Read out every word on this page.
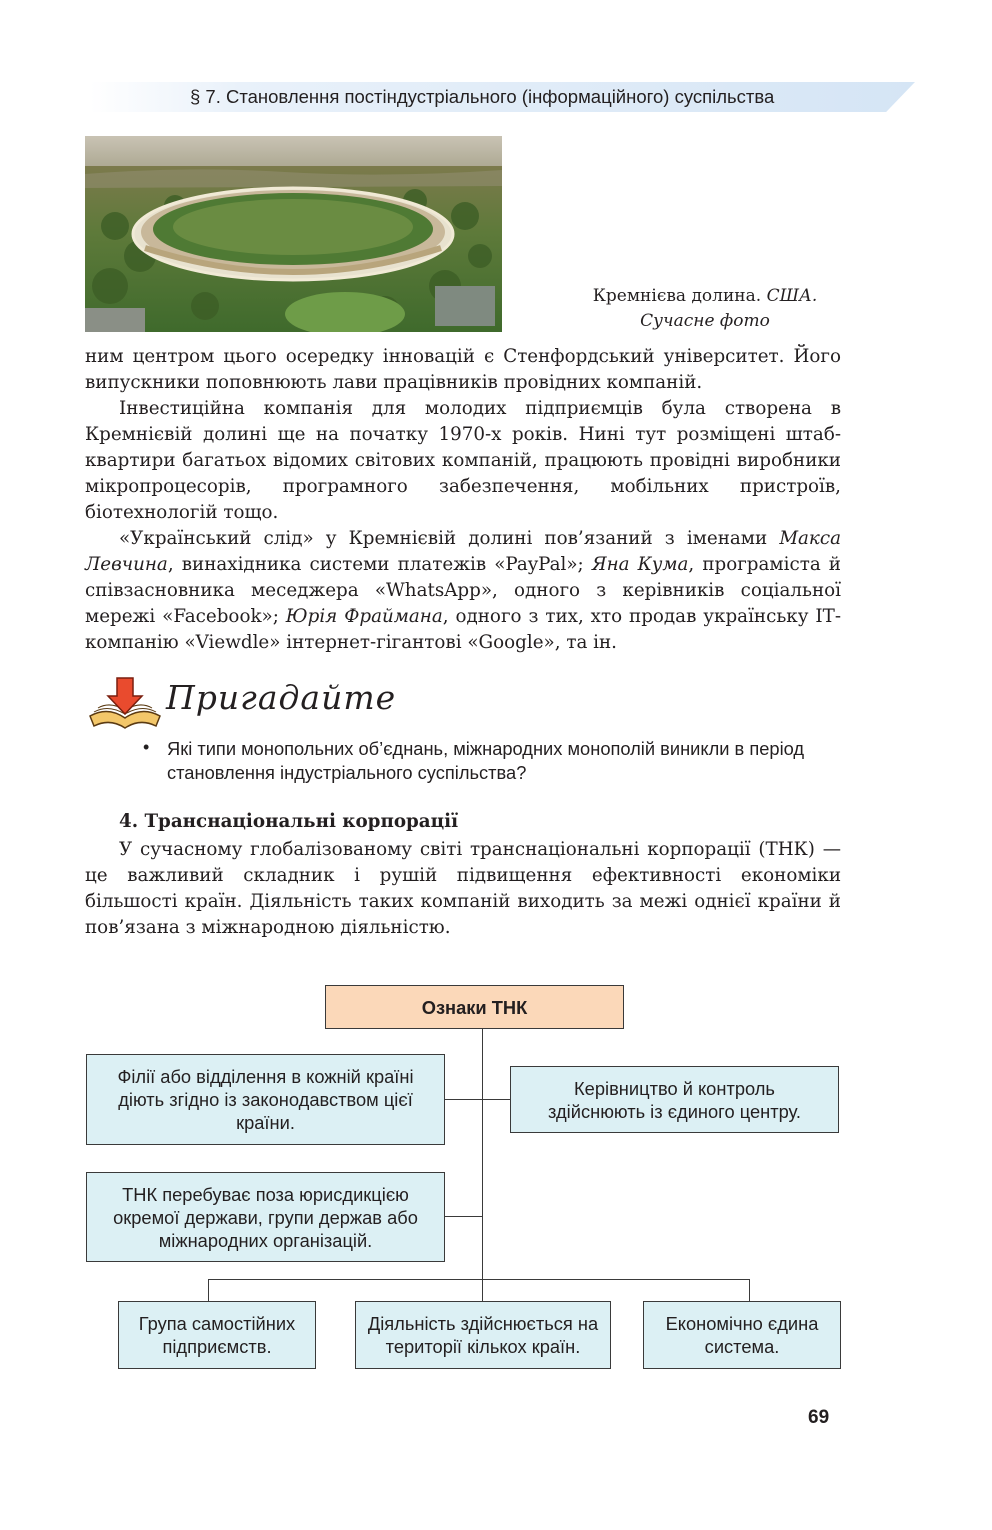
§ 7. Становлення постіндустріального (інформаційного) суспільства
Кремнієва долина. США.
Сучасне фото

ним центром цього осередку інновацій є Стенфордський університет. Його випускники поповнюють лави працівників провідних компаній.

Інвестиційна компанія для молодих підприємців була створена в Кремнієвій долині ще на початку 1970-х років. Нині тут розміщені штаб-квартири багатьох відомих світових компаній, працюють провідні виробники мікропроцесорів, програмного забезпечення, мобільних пристроїв, біотехнологій тощо.

«Український слід» у Кремнієвій долині пов’язаний з іменами Макса Левчина, винахідника системи платежів «PayPal»; Яна Кума, програміста й співзасновника меседжера «WhatsApp», одного з керівників соціальної мережі «Facebook»; Юрія Фраймана, одного з тих, хто продав українську ІТ-компанію «Viewdle» інтернет-гігантові «Google», та ін.

Пригадайте
• Які типи монопольних об’єднань, міжнародних монополій виникли в період становлення індустріального суспільства?

4. Транснаціональні корпорації

У сучасному глобалізованому світі транснаціональні корпорації (ТНК) — це важливий складник і рушій підвищення ефективності економіки більшості країн. Діяльність таких компаній виходить за межі однієї країни й пов’язана з міжнародною діяльністю.

Ознаки ТНК
Філії або відділення в кожній країні діють згідно із законодавством цієї країни.
Керівництво й контроль здійснюють із єдиного центру.
ТНК перебуває поза юрисдикцією окремої держави, групи держав або міжнародних організацій.
Група самостійних підприємств.
Діяльність здійснюється на території кількох країн.
Економічно єдина система.
69
